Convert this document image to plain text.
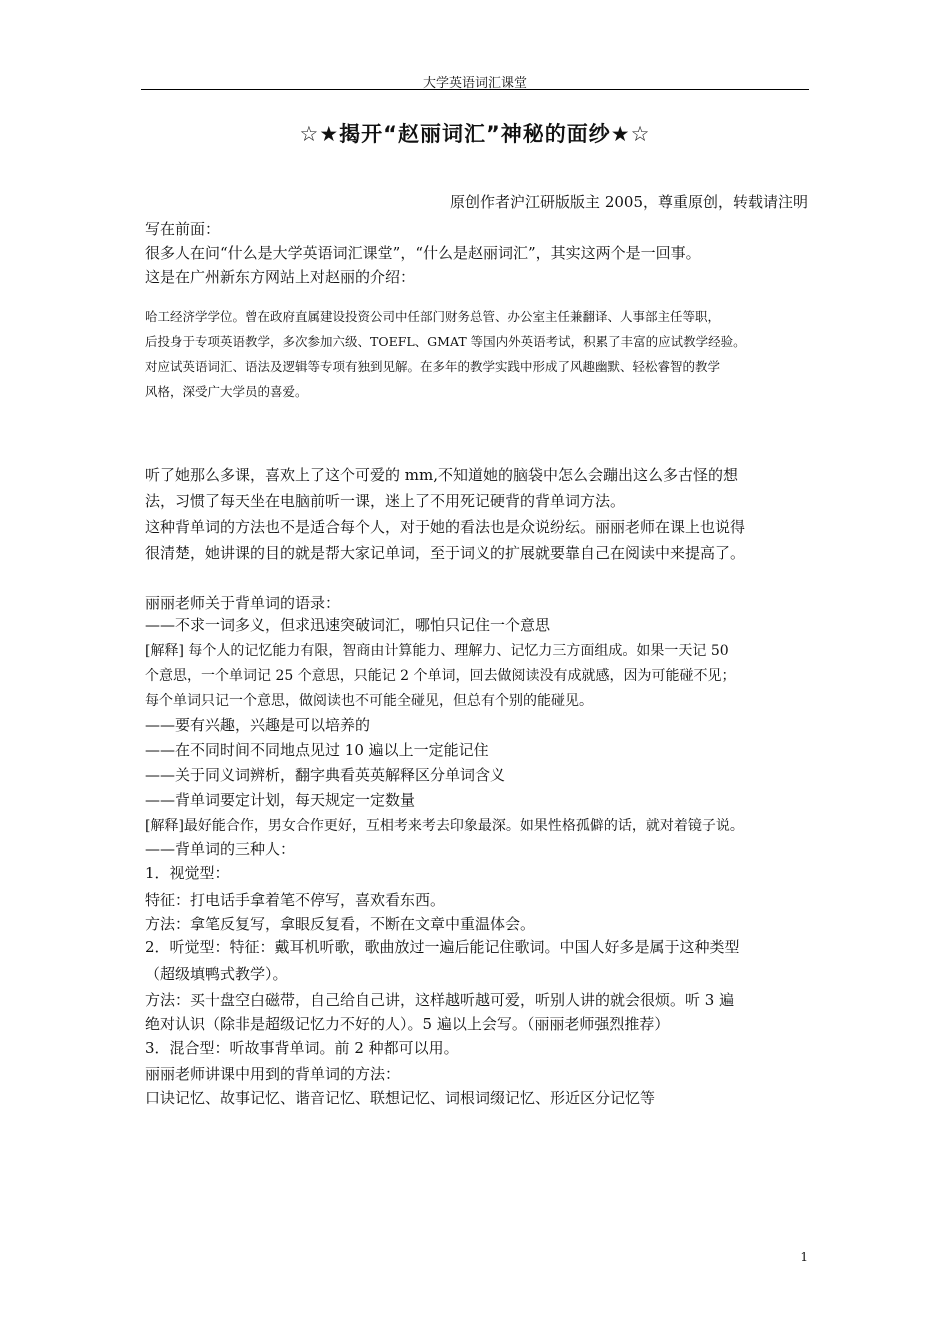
大学英语词汇课堂
☆★揭开“赵丽词汇”神秘的面纱★☆
原创作者沪江研版版主 2005，尊重原创，转载请注明
写在前面：
很多人在问“什么是大学英语词汇课堂”，“什么是赵丽词汇”，其实这两个是一回事。
这是在广州新东方网站上对赵丽的介绍：
哈工经济学学位。曾在政府直属建设投资公司中任部门财务总管、办公室主任兼翻译、人事部主任等职，
后投身于专项英语教学，多次参加六级、TOEFL、GMAT 等国内外英语考试，积累了丰富的应试教学经验。
对应试英语词汇、语法及逻辑等专项有独到见解。在多年的教学实践中形成了风趣幽默、轻松睿智的教学
风格，深受广大学员的喜爱。
听了她那么多课，喜欢上了这个可爱的 mm,不知道她的脑袋中怎么会蹦出这么多古怪的想
法，习惯了每天坐在电脑前听一课，迷上了不用死记硬背的背单词方法。
这种背单词的方法也不是适合每个人，对于她的看法也是众说纷纭。丽丽老师在课上也说得
很清楚，她讲课的目的就是帮大家记单词，至于词义的扩展就要靠自己在阅读中来提高了。
丽丽老师关于背单词的语录：
——不求一词多义，但求迅速突破词汇，哪怕只记住一个意思
[解释] 每个人的记忆能力有限，智商由计算能力、理解力、记忆力三方面组成。如果一天记 50
个意思，一个单词记 25 个意思，只能记 2 个单词，回去做阅读没有成就感，因为可能碰不见；
每个单词只记一个意思，做阅读也不可能全碰见，但总有个别的能碰见。
——要有兴趣，兴趣是可以培养的
——在不同时间不同地点见过 10 遍以上一定能记住
——关于同义词辨析，翻字典看英英解释区分单词含义
——背单词要定计划，每天规定一定数量
[解释]最好能合作，男女合作更好，互相考来考去印象最深。如果性格孤僻的话，就对着镜子说。
——背单词的三种人：
1．视觉型：
特征：打电话手拿着笔不停写，喜欢看东西。
方法：拿笔反复写，拿眼反复看，不断在文章中重温体会。
2．听觉型：特征：戴耳机听歌，歌曲放过一遍后能记住歌词。中国人好多是属于这种类型
（超级填鸭式教学）。
方法：买十盘空白磁带，自己给自己讲，这样越听越可爱，听别人讲的就会很烦。听 3 遍
绝对认识（除非是超级记忆力不好的人）。5 遍以上会写。（丽丽老师强烈推荐）
3．混合型：听故事背单词。前 2 种都可以用。
丽丽老师讲课中用到的背单词的方法：
口诀记忆、故事记忆、谐音记忆、联想记忆、词根词缀记忆、形近区分记忆等
1
